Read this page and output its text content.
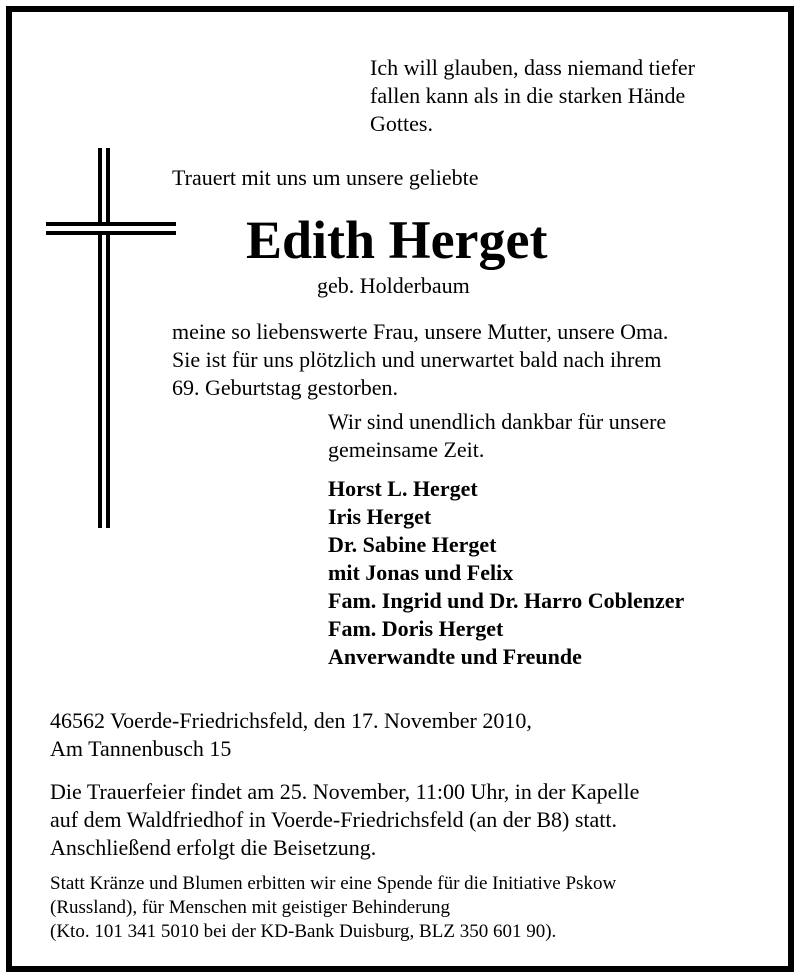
Ich will glauben, dass niemand tiefer
fallen kann als in die starken Hände
Gottes.
Trauert mit uns um unsere geliebte
Edith Herget
geb. Holderbaum
meine so liebenswerte Frau, unsere Mutter, unsere Oma.
Sie ist für uns plötzlich und unerwartet bald nach ihrem
69. Geburtstag gestorben.
Wir sind unendlich dankbar für unsere
gemeinsame Zeit.
Horst L. Herget
Iris Herget
Dr. Sabine Herget
mit Jonas und Felix
Fam. Ingrid und Dr. Harro Coblenzer
Fam. Doris Herget
Anverwandte und Freunde
46562 Voerde-Friedrichsfeld, den 17. November 2010,
Am Tannenbusch 15
Die Trauerfeier findet am 25. November, 11:00 Uhr, in der Kapelle
auf dem Waldfriedhof in Voerde-Friedrichsfeld (an der B8) statt.
Anschließend erfolgt die Beisetzung.
Statt Kränze und Blumen erbitten wir eine Spende für die Initiative Pskow
(Russland), für Menschen mit geistiger Behinderung
(Kto. 101 341 5010 bei der KD-Bank Duisburg, BLZ 350 601 90).
